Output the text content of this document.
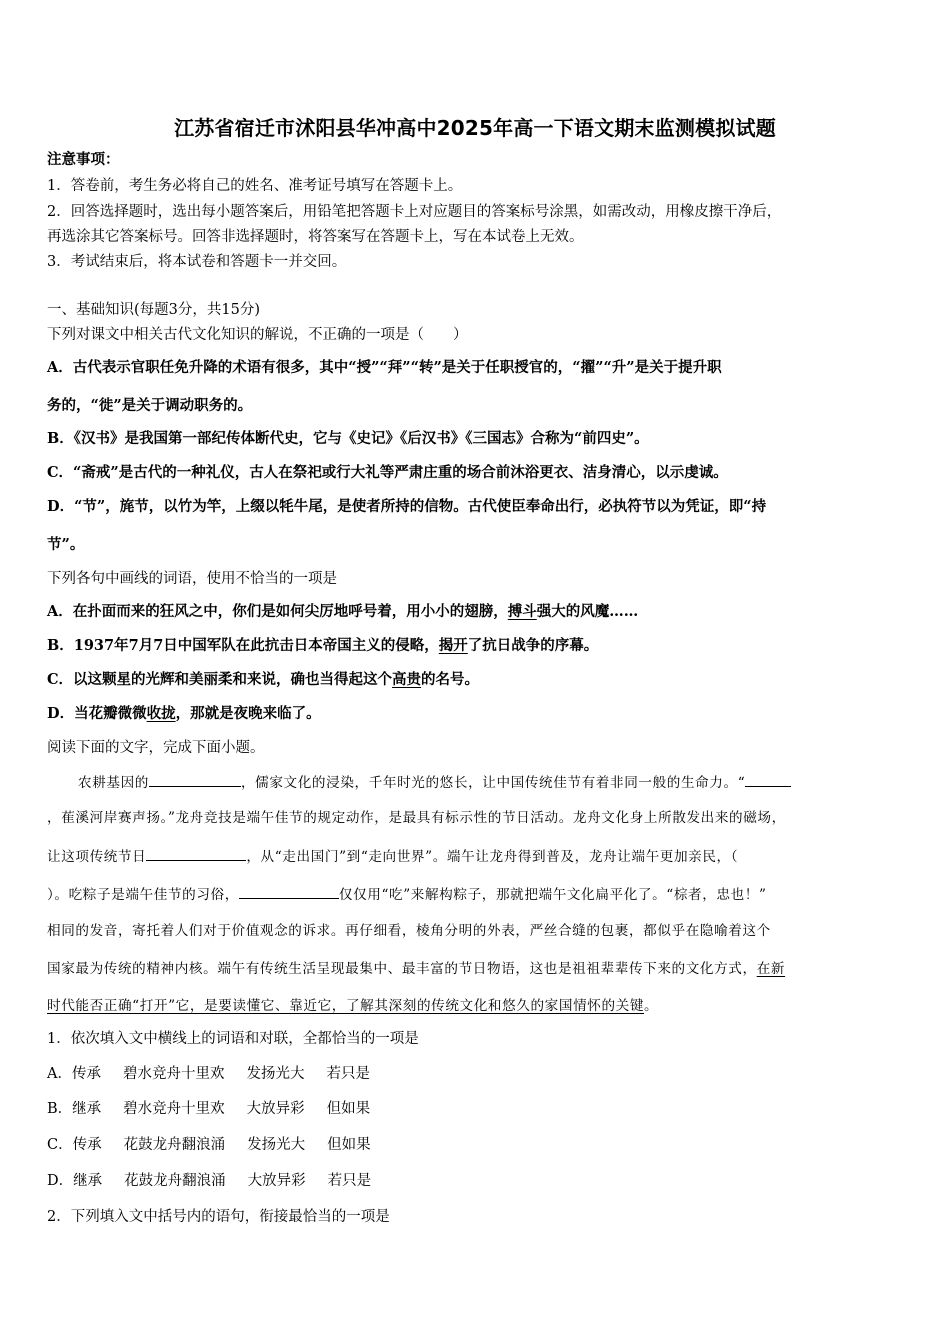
江苏省宿迁市沭阳县华冲高中2025年高一下语文期末监测模拟试题
注意事项：
1．答卷前，考生务必将自己的姓名、准考证号填写在答题卡上。
2．回答选择题时，选出每小题答案后，用铅笔把答题卡上对应题目的答案标号涂黑，如需改动，用橡皮擦干净后，
再选涂其它答案标号。回答非选择题时，将答案写在答题卡上，写在本试卷上无效。
3．考试结束后，将本试卷和答题卡一并交回。
一、基础知识(每题3分，共15分)
下列对课文中相关古代文化知识的解说，不正确的一项是（　　）
A．古代表示官职任免升降的术语有很多，其中“授”“拜”“转”是关于任职授官的，“擢”“升”是关于提升职
务的，“徙”是关于调动职务的。
B．《汉书》是我国第一部纪传体断代史，它与《史记》《后汉书》《三国志》合称为“前四史”。
C．“斋戒”是古代的一种礼仪，古人在祭祀或行大礼等严肃庄重的场合前沐浴更衣、洁身清心，以示虔诚。
D．“节”，旄节，以竹为竿，上缀以牦牛尾，是使者所持的信物。古代使臣奉命出行，必执符节以为凭证，即“持
节”。
下列各句中画线的词语，使用不恰当的一项是
A．在扑面而来的狂风之中，你们是如何尖厉地呼号着，用小小的翅膀，搏斗强大的风魔……
B．1937年7月7日中国军队在此抗击日本帝国主义的侵略，揭开了抗日战争的序幕。
C．以这颗星的光辉和美丽柔和来说，确也当得起这个高贵的名号。
D．当花瓣微微收拢，那就是夜晚来临了。
阅读下面的文字，完成下面小题。
农耕基因的	，儒家文化的浸染，千年时光的悠长，让中国传统佳节有着非同一般的生命力。“
，萑溪河岸赛声扬。”龙舟竞技是端午佳节的规定动作，是最具有标示性的节日活动。龙舟文化身上所散发出来的磁场，
让这项传统节日	，从“走出国门”到“走向世界”。端午让龙舟得到普及，龙舟让端午更加亲民，（
）。吃粽子是端午佳节的习俗，	仅仅用“吃”来解构粽子，那就把端午文化扁平化了。“棕者，忠也！”
相同的发音，寄托着人们对于价值观念的诉求。再仔细看，棱角分明的外表，严丝合缝的包裹，都似乎在隐喻着这个
国家最为传统的精神内核。端午有传统生活呈现最集中、最丰富的节日物语，这也是祖祖辈辈传下来的文化方式，在新
时代能否正确“打开”它，是要读懂它、靠近它，了解其深刻的传统文化和悠久的家国情怀的关键。
1．依次填入文中横线上的词语和对联，全都恰当的一项是
A．传承 碧水竞舟十里欢 发扬光大 若只是
B．继承 碧水竞舟十里欢 大放异彩 但如果
C．传承 花鼓龙舟翻浪涌 发扬光大 但如果
D．继承 花鼓龙舟翻浪涌 大放异彩 若只是
2．下列填入文中括号内的语句，衔接最恰当的一项是
